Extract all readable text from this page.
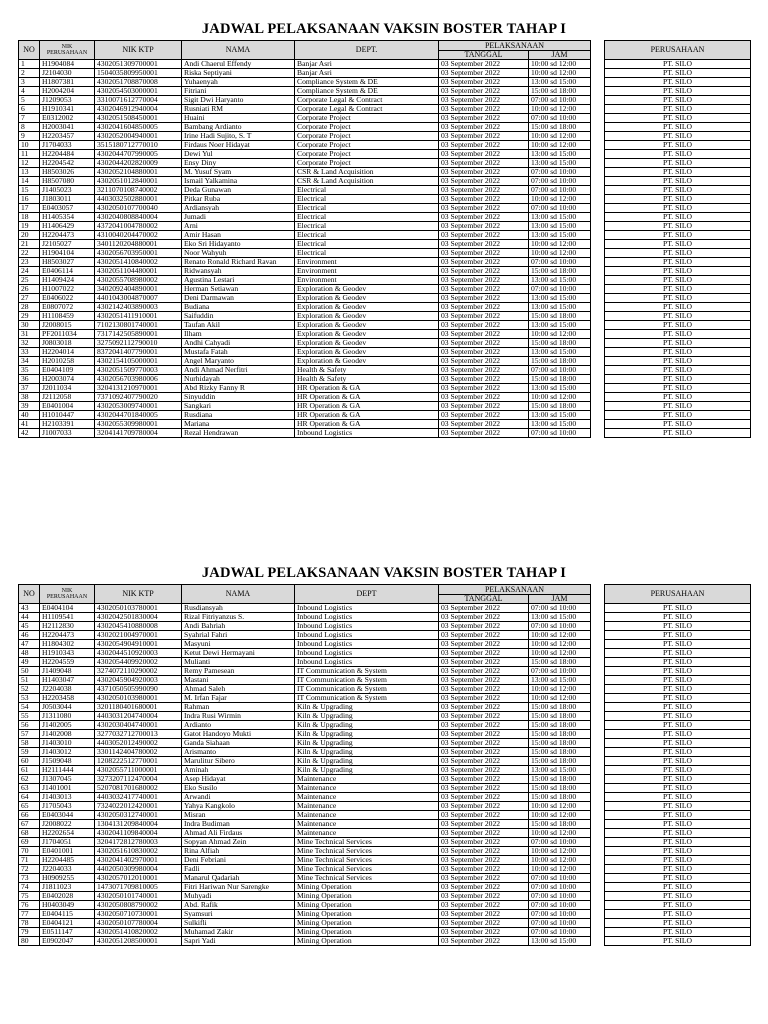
JADWAL PELAKSANAAN VAKSIN BOSTER TAHAP I
NO	NIK PERUSAHAAN	NIK KTP	NAMA	DEPT.	PELAKSANAAN			PERUSAHAAN
					TANGGAL	JAM		
1	H1904084	4302051309700001	Andi Chaerul Effendy	Banjar Asri	03 September 2022	10:00 sd 12:00		PT. SILO
2	J2104030	1504035809950001	Riska Septiyani	Banjar Asri	03 September 2022	10:00 sd 12:00		PT. SILO
3	H1807381	4302051708870008	Yuhaenyah	Compliance System & DE	03 September 2022	13:00 sd 15:00		PT. SILO
4	H2004204	4302054503000001	Fitriani	Compliance System & DE	03 September 2022	15:00 sd 18:00		PT. SILO
5	J1209053	3310071612770004	Sigit Dwi Haryanto	Corporate Legal & Contract	03 September 2022	07:00 sd 10:00		PT. SILO
6	H1910341	4302046912940004	Rusniati RM	Corporate Legal & Contract	03 September 2022	10:00 sd 12:00		PT. SILO
7	E0312002	4302051508450001	Huaini	Corporate Project	03 September 2022	07:00 sd 10:00		PT. SILO
8	H2003041	4302041604850005	Bambang Ardianto	Corporate Project	03 September 2022	15:00 sd 18:00		PT. SILO
9	H2203457	4302052004940001	Irine Hadi Sujito, S. T	Corporate Project	03 September 2022	10:00 sd 12:00		PT. SILO
10	J1704033	3515180712770010	Firdaus Noer Hidayat	Corporate Project	03 September 2022	10:00 sd 12:00		PT. SILO
11	H2204484	4302044707990005	Dewi Yul	Corporate Project	03 September 2022	13:00 sd 15:00		PT. SILO
12	H2204542	4302044202820009	Ensy Diny	Corporate Project	03 September 2022	13:00 sd 15:00		PT. SILO
13	H8503026	4302052104880001	M. Yusuf Syam	CSR & Land Acquisition	03 September 2022	07:00 sd 10:00		PT. SILO
14	H8507080	4302051012840001	Ismail Yalkamina	CSR & Land Acquisition	03 September 2022	07:00 sd 10:00		PT. SILO
15	J1405023	3211070108740002	Deda Gunawan	Electrical	03 September 2022	07:00 sd 10:00		PT. SILO
16	J1803011	4403032502880001	Pitkar Ruba	Electrical	03 September 2022	10:00 sd 12:00		PT. SILO
17	E0403057	4302050107700040	Ardiansyah	Electrical	03 September 2022	07:00 sd 10:00		PT. SILO
18	H1405354	4302040808840004	Jumadi	Electrical	03 September 2022	13:00 sd 15:00		PT. SILO
19	H1406429	4372041004780002	Arni	Electrical	03 September 2022	13:00 sd 15:00		PT. SILO
20	H2204473	4310040204470002	Amir Hasan	Electrical	03 September 2022	13:00 sd 15:00		PT. SILO
21	J2105027	3401120204880001	Eko Sri Hidayanto	Electrical	03 September 2022	10:00 sd 12:00		PT. SILO
22	H1904104	4302056703950001	Noor Wahyuh	Electrical	03 September 2022	10:00 sd 12:00		PT. SILO
23	H8503027	4302051410840002	Renato Ronald Richard Ravan	Environment	03 September 2022	07:00 sd 10:00		PT. SILO
24	E0406114	4302051104480001	Ridwansyah	Environment	03 September 2022	15:00 sd 18:00		PT. SILO
25	H1409424	4302055708980002	Agustina Lestari	Environment	03 September 2022	13:00 sd 15:00		PT. SILO
26	H1007022	3402092404890001	Herman Setiawan	Exploration & Geodev	03 September 2022	07:00 sd 10:00		PT. SILO
27	E0406022	4401043004870007	Deni Darmawan	Exploration & Geodev	03 September 2022	13:00 sd 15:00		PT. SILO
28	E0807072	4302142403890003	Budiana	Exploration & Geodev	03 September 2022	13:00 sd 15:00		PT. SILO
29	H1108459	4302051411910001	Saifuddin	Exploration & Geodev	03 September 2022	15:00 sd 18:00		PT. SILO
30	J2008015	7102130801740001	Taufan Akil	Exploration & Geodev	03 September 2022	13:00 sd 15:00		PT. SILO
31	PF2011034	7317142505890001	Ilham	Exploration & Geodev	03 September 2022	10:00 sd 12:00		PT. SILO
32	J0803018	3275092112790010	Andhi Cahyadi	Exploration & Geodev	03 September 2022	15:00 sd 18:00		PT. SILO
33	H2204014	8372041407790001	Mustafa Fatah	Exploration & Geodev	03 September 2022	13:00 sd 15:00		PT. SILO
34	H2010258	4302154105000001	Angel Maryanto	Exploration & Geodev	03 September 2022	15:00 sd 18:00		PT. SILO
35	E0404109	4302051509770003	Andi Ahmad Nerfitri	Health & Safety	03 September 2022	07:00 sd 10:00		PT. SILO
36	H2003074	4302056703980006	Nurhidayah	Health & Safety	03 September 2022	15:00 sd 18:00		PT. SILO
37	J2011034	3204131210970001	Abd Rizky Fanny R	HR Operation & GA	03 September 2022	13:00 sd 15:00		PT. SILO
38	J2112058	7371092407790020	Sinyuddin	HR Operation & GA	03 September 2022	10:00 sd 12:00		PT. SILO
39	E0401004	4302053009740001	Sangkari	HR Operation & GA	03 September 2022	15:00 sd 18:00		PT. SILO
40	H1010447	4302044701840005	Rusdiana	HR Operation & GA	03 September 2022	13:00 sd 15:00		PT. SILO
41	H2103391	4302055309980001	Mariana	HR Operation & GA	03 September 2022	13:00 sd 15:00		PT. SILO
42	J1007033	3204141709780004	Rezal Hendrawan	Inbound Logistics	03 September 2022	07:00 sd 10:00		PT. SILO
JADWAL PELAKSANAAN VAKSIN BOSTER TAHAP I
NO	NIK PERUSAHAAN	NIK KTP	NAMA	DEPT	PELAKSANAAN			PERUSAHAAN
					TANGGAL	JAM		
43	E0404104	4302050103780001	Rusdiansyah	Inbound Logistics	03 September 2022	07:00 sd 10:00		PT. SILO
44	H1109541	4302042501830004	Rizal Fitriyanzus S.	Inbound Logistics	03 September 2022	13:00 sd 15:00		PT. SILO
45	H2112830	4302045410880008	Andi Bahriah	Inbound Logistics	03 September 2022	07:00 sd 10:00		PT. SILO
46	H2204473	4302021004970001	Syahrial Fahri	Inbound Logistics	03 September 2022	10:00 sd 12:00		PT. SILO
47	H1804302	4302054904910001	Masyuni	Inbound Logistics	03 September 2022	10:00 sd 12:00		PT. SILO
48	H1910343	4302044510920003	Ketut Dewi Hermayani	Inbound Logistics	03 September 2022	10:00 sd 12:00		PT. SILO
49	H2204559	4302054409920002	Mulianti	Inbound Logistics	03 September 2022	15:00 sd 18:00		PT. SILO
50	J1409048	3274072110290002	Remy Pamesean	IT Communication & System	03 September 2022	07:00 sd 10:00		PT. SILO
51	H1403047	4302045904920003	Mastani	IT Communication & System	03 September 2022	13:00 sd 15:00		PT. SILO
52	J2204038	4371050505990090	Ahmad Saleh	IT Communication & System	03 September 2022	10:00 sd 12:00		PT. SILO
53	H2203458	4302050103980001	M. Irfan Fajar	IT Communication & System	03 September 2022	10:00 sd 12:00		PT. SILO
54	J0503044	3201180401680001	Rahman	Kiln & Upgrading	03 September 2022	15:00 sd 18:00		PT. SILO
55	J1311080	4403031204740004	Indra Rusi Wirmin	Kiln & Upgrading	03 September 2022	15:00 sd 18:00		PT. SILO
56	J1402005	4302030404740001	Ardianto	Kiln & Upgrading	03 September 2022	15:00 sd 18:00		PT. SILO
57	J1402008	3277032712700013	Gatot Handoyo Mukti	Kiln & Upgrading	03 September 2022	15:00 sd 18:00		PT. SILO
58	J1403010	4403052012490002	Ganda Siahaan	Kiln & Upgrading	03 September 2022	15:00 sd 18:00		PT. SILO
59	J1403012	3301142404780002	Arismanto	Kiln & Upgrading	03 September 2022	15:00 sd 18:00		PT. SILO
60	J1509048	1208222512770001	Marulitur Sibero	Kiln & Upgrading	03 September 2022	15:00 sd 18:00		PT. SILO
61	H2111444	4302055711000001	Aminah	Kiln & Upgrading	03 September 2022	13:00 sd 15:00		PT. SILO
62	J1307045	3273207112470004	Asep Hidayat	Maintenance	03 September 2022	15:00 sd 18:00		PT. SILO
63	J1401001	5207081701680002	Eko Susilo	Maintenance	03 September 2022	15:00 sd 18:00		PT. SILO
64	J1403013	4403032417740001	Arwandi	Maintenance	03 September 2022	15:00 sd 18:00		PT. SILO
65	J1705043	7324022012420001	Yahya Kangkolo	Maintenance	03 September 2022	10:00 sd 12:00		PT. SILO
66	E0403044	4302050312740001	Misran	Maintenance	03 September 2022	10:00 sd 12:00		PT. SILO
67	J2008022	1304131209840004	Indra Budiman	Maintenance	03 September 2022	15:00 sd 18:00		PT. SILO
68	H2202654	4302041109840004	Ahmad Ali Firdaus	Maintenance	03 September 2022	10:00 sd 12:00		PT. SILO
69	J1704051	3204172812780003	Sopyan Ahmad Zein	Mine Technical Services	03 September 2022	07:00 sd 10:00		PT. SILO
70	E0401001	4302051610830002	Rina Alfiah	Mine Technical Services	03 September 2022	10:00 sd 12:00		PT. SILO
71	H2204485	4302041402970001	Deni Febriani	Mine Technical Services	03 September 2022	10:00 sd 12:00		PT. SILO
72	J2204033	4402050309980004	Fadli	Mine Technical Services	03 September 2022	10:00 sd 12:00		PT. SILO
73	H0909255	4302057012010001	Manarul Qadariah	Mine Technical Services	03 September 2022	07:00 sd 10:00		PT. SILO
74	J1811023	1473071709810005	Fitri Hariwan Nur Sarengke	Mining Operation	03 September 2022	07:00 sd 10:00		PT. SILO
75	E0402028	4302050101740001	Muhyadi	Mining Operation	03 September 2022	07:00 sd 10:00		PT. SILO
76	H0403049	4302050808790002	Abd. Rafik	Mining Operation	03 September 2022	07:00 sd 10:00		PT. SILO
77	E0404115	4302050710730001	Syamsuri	Mining Operation	03 September 2022	07:00 sd 10:00		PT. SILO
78	E0404121	4302050107780004	Sulkifli	Mining Operation	03 September 2022	07:00 sd 10:00		PT. SILO
79	E0511147	4302051410820002	Muhamad Zakir	Mining Operation	03 September 2022	07:00 sd 10:00		PT. SILO
80	E0902047	4302051208500001	Sapri Yadi	Mining Operation	03 September 2022	13:00 sd 15:00		PT. SILO
